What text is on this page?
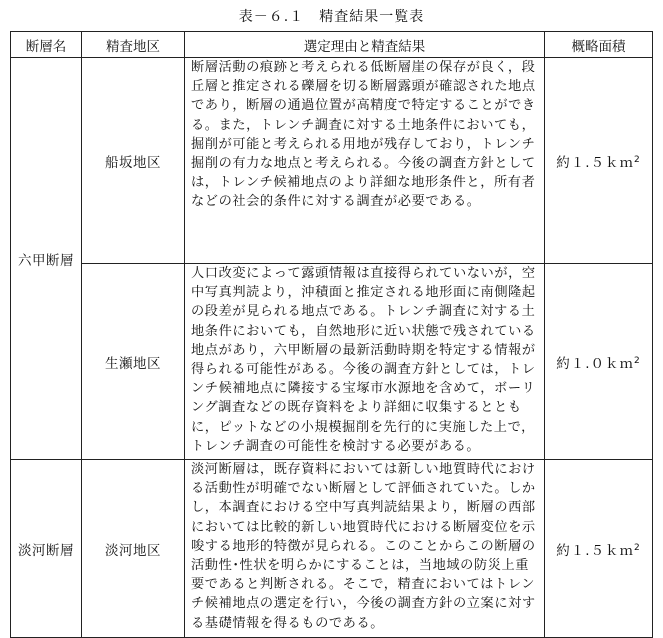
表－６.１　精査結果一覧表
断層名	精査地区	選定理由と精査結果	概略面積
六甲断層	船坂地区	断層活動の痕跡と考えられる低断層崖の保存が良く，段丘層と推定される礫層を切る断層露頭が確認された地点であり，断層の通過位置が高精度で特定することができる。また，トレンチ調査に対する土地条件においても，掘削が可能と考えられる用地が残存しており，トレンチ掘削の有力な地点と考えられる。今後の調査方針としては，トレンチ候補地点のより詳細な地形条件と，所有者などの社会的条件に対する調査が必要である。	約１.５ｋｍ$^2$
	生瀬地区	人口改変によって露頭情報は直接得られていないが，空中写真判読より，沖積面と推定される地形面に南側隆起の段差が見られる地点である。トレンチ調査に対する土地条件においても，自然地形に近い状態で残されている地点があり，六甲断層の最新活動時期を特定する情報が得られる可能性がある。今後の調査方針としては，トレンチ候補地点に隣接する宝塚市水源地を含めて，ボーリング調査などの既存資料をより詳細に収集するとともに，ピットなどの小規模掘削を先行的に実施した上で，トレンチ調査の可能性を検討する必要がある。	約１.０ｋｍ$^2$
淡河断層	淡河地区	淡河断層は，既存資料においては新しい地質時代における活動性が明確でない断層として評価されていた。しかし，本調査における空中写真判読結果より，断層の西部においては比較的新しい地質時代における断層変位を示唆する地形的特徴が見られる。このことからこの断層の活動性･性状を明らかにすることは，当地域の防災上重要であると判断される。そこで，精査においてはトレンチ候補地点の選定を行い，今後の調査方針の立案に対する基礎情報を得るものである。	約１.５ｋｍ$^2$
